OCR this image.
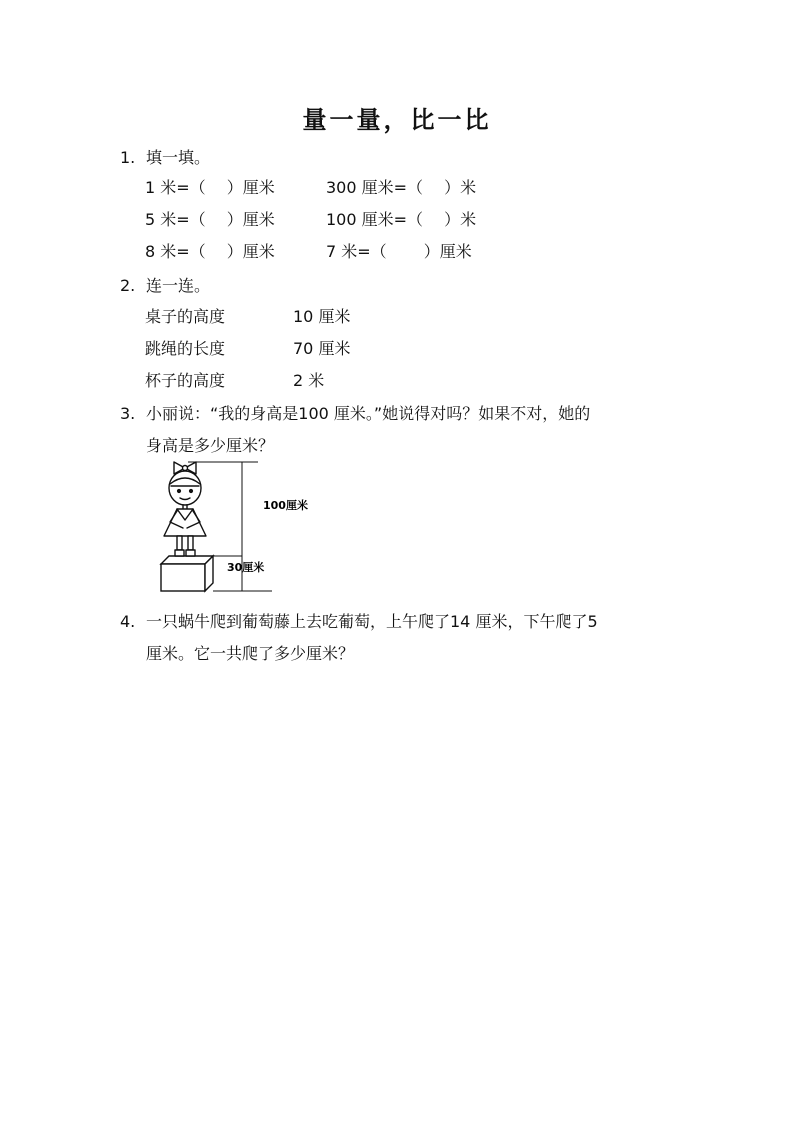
量一量，比一比
1. 填一填。
1 米=（　 ）厘米	300 厘米=（　 ）米
5 米=（　 ）厘米	100 厘米=（　 ）米
8 米=（　 ）厘米	7 米=（　　 ）厘米
2. 连一连。
桌子的高度	10 厘米
跳绳的长度	70 厘米
杯子的高度	2 米
3. 小丽说：“我的身高是100 厘米。”她说得对吗？如果不对，她的
身高是多少厘米？
100厘米
30厘米
4. 一只蜗牛爬到葡萄藤上去吃葡萄，上午爬了14 厘米，下午爬了5
厘米。它一共爬了多少厘米？
